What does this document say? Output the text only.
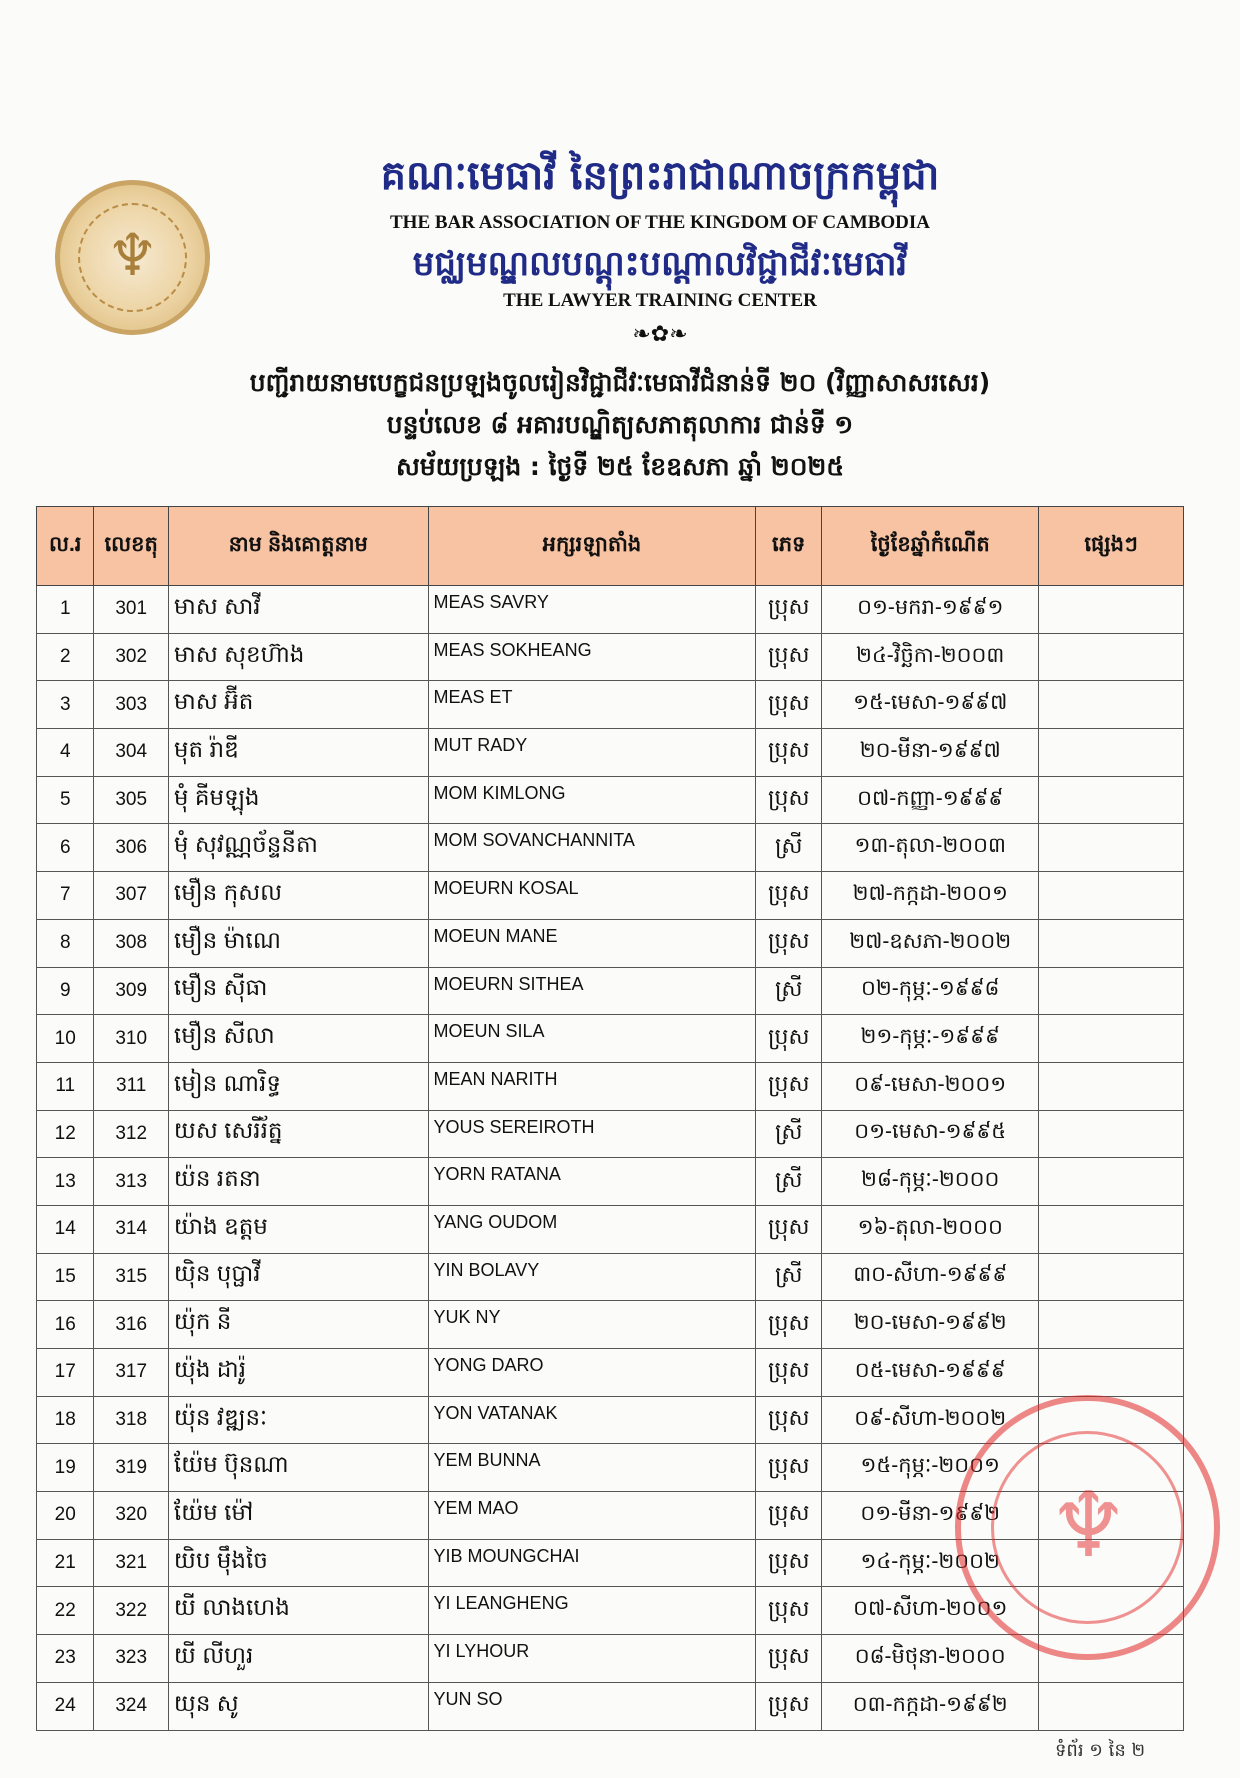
♆
គណៈមេធាវី នៃព្រះរាជាណាចក្រកម្ពុជា
THE BAR ASSOCIATION OF THE KINGDOM OF CAMBODIA
មជ្ឈមណ្ឌលបណ្តុះបណ្តាលវិជ្ជាជីវៈមេធាវី
THE LAWYER TRAINING CENTER
❧✿❧
បញ្ជីរាយនាមបេក្ខជនប្រឡងចូលរៀនវិជ្ជាជីវៈមេធាវីជំនាន់ទី ២០ (វិញ្ញាសាសរសេរ)
បន្ទប់លេខ ៨ អគារបណ្ឌិត្យសភាតុលាការ​ ជាន់ទី ១
សម័យប្រឡង : ថ្ងៃទី ២៥ ខែឧសភា ឆ្នាំ ២០២៥
ល.រ	លេខតុ	នាម និងគោត្តនាម	អក្សរឡាតាំង	ភេទ	ថ្ងៃខែឆ្នាំកំណើត	ផ្សេងៗ
1	301	មាស សាវី	MEAS SAVRY	ប្រុស	០១-មករា-១៩៩១	
2	302	មាស សុខហ៊ាង	MEAS SOKHEANG	ប្រុស	២៤-វិច្ឆិកា-២០០៣	
3	303	មាស អ៊ីត	MEAS ET	ប្រុស	១៥-មេសា-១៩៩៧	
4	304	មុត រ៉ាឌី	MUT RADY	ប្រុស	២០-មីនា-១៩៩៧	
5	305	មុំ គីមឡុង	MOM KIMLONG	ប្រុស	០៧-កញ្ញា-១៩៩៩	
6	306	មុំ សុវណ្ណច័ន្ទនីតា	MOM SOVANCHANNITA	ស្រី	១៣-តុលា-២០០៣	
7	307	មឿន កុសល	MOEURN KOSAL	ប្រុស	២៧-កក្កដា-២០០១	
8	308	មឿន ម៉ាណេ	MOEUN MANE	ប្រុស	២៧-ឧសភា-២០០២	
9	309	មឿន ស៊ីធា	MOEURN SITHEA	ស្រី	០២-កុម្ភៈ-១៩៩៨	
10	310	មឿន សីលា	MOEUN SILA	ប្រុស	២១-កុម្ភៈ-១៩៩៩	
11	311	មៀន ណារិទ្ធ	MEAN NARITH	ប្រុស	០៩-មេសា-២០០១	
12	312	យស សេរីរ័ត្ន	YOUS SEREIROTH	ស្រី	០១-មេសា-១៩៩៥	
13	313	យ៉ន រតនា	YORN RATANA	ស្រី	២៨-កុម្ភៈ-២០០០	
14	314	យ៉ាង ឧត្តម	YANG OUDOM	ប្រុស	១៦-តុលា-២០០០	
15	315	យ៉ិន បុប្ផាវី	YIN BOLAVY	ស្រី	៣០-សីហា-១៩៩៩	
16	316	យ៉ុក នី	YUK NY	ប្រុស	២០-មេសា-១៩៩២	
17	317	យ៉ុង ដារ៉ូ	YONG DARO	ប្រុស	០៥-មេសា-១៩៩៩	
18	318	យ៉ុន វឌ្ឍនៈ	YON VATANAK	ប្រុស	០៩-សីហា-២០០២	
19	319	យ៉ែម ប៊ុនណា	YEM BUNNA	ប្រុស	១៥-កុម្ភៈ-២០០១	
20	320	យ៉ែម ម៉ៅ	YEM MAO	ប្រុស	០១-មីនា-១៩៩២	
21	321	យិប ម៉ឹងចៃ	YIB MOUNGCHAI	ប្រុស	១៤-កុម្ភៈ-២០០២	
22	322	យី លាងហេង	YI LEANGHENG	ប្រុស	០៧-សីហា-២០០១	
23	323	យី លីហួរ	YI LYHOUR	ប្រុស	០៨-មិថុនា-២០០០	
24	324	យុន សូ	YUN SO	ប្រុស	០៣-កក្កដា-១៩៩២	
♆
ទំព័រ ១ នៃ ២
